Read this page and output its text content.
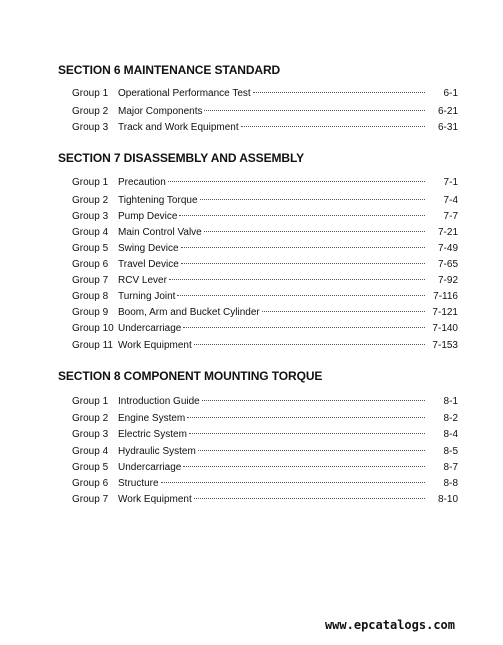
SECTION 6 MAINTENANCE STANDARD
Group 1 Operational Performance Test	6-1
Group 2 Major Components	6-21
Group 3 Track and Work Equipment	6-31
SECTION 7 DISASSEMBLY AND ASSEMBLY
Group 1 Precaution	7-1
Group 2 Tightening Torque	7-4
Group 3 Pump Device	7-7
Group 4 Main Control Valve	7-21
Group 5 Swing Device	7-49
Group 6 Travel Device	7-65
Group 7 RCV Lever	7-92
Group 8 Turning Joint	7-116
Group 9 Boom, Arm and Bucket Cylinder	7-121
Group 10 Undercarriage	7-140
Group 11 Work Equipment	7-153
SECTION 8 COMPONENT MOUNTING TORQUE
Group 1 Introduction Guide	8-1
Group 2 Engine System	8-2
Group 3 Electric System	8-4
Group 4 Hydraulic System	8-5
Group 5 Undercarriage	8-7
Group 6 Structure	8-8
Group 7 Work Equipment	8-10
www.epcatalogs.com
